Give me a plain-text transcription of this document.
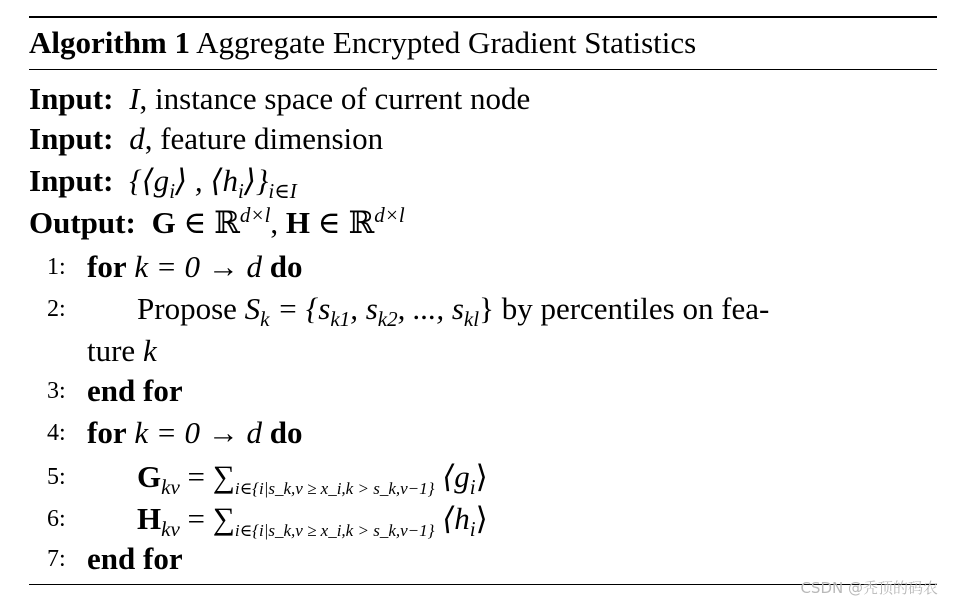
Algorithm 1 Aggregate Encrypted Gradient Statistics
Input: I, instance space of current node
Input: d, feature dimension
Input: {$⟨g_i⟩$ , $⟨h_i⟩\}_{i\in I}$
Output: G ∈ ℝ$^{d\times l}$, H ∈ ℝ$^{d\times l}$
1: for k = 0 → d do
2: Propose $S_k = \{s_{k1}$, $s_{k2}$, ..., $s_{kl}$} by percentiles on fea-
ture k
3: end for
4: for k = 0 → d do
5: $G_{kv} = \sum_{i\in\{i|s\_k,v \ge x\_i,k > s\_k,v-1\}}$ $⟨g_i⟩$
6: $H_{kv} = \sum_{i\in\{i|s\_k,v \ge x\_i,k > s\_k,v-1\}}$ $⟨h_i⟩$
7: end for
CSDN @秃顶的码农
